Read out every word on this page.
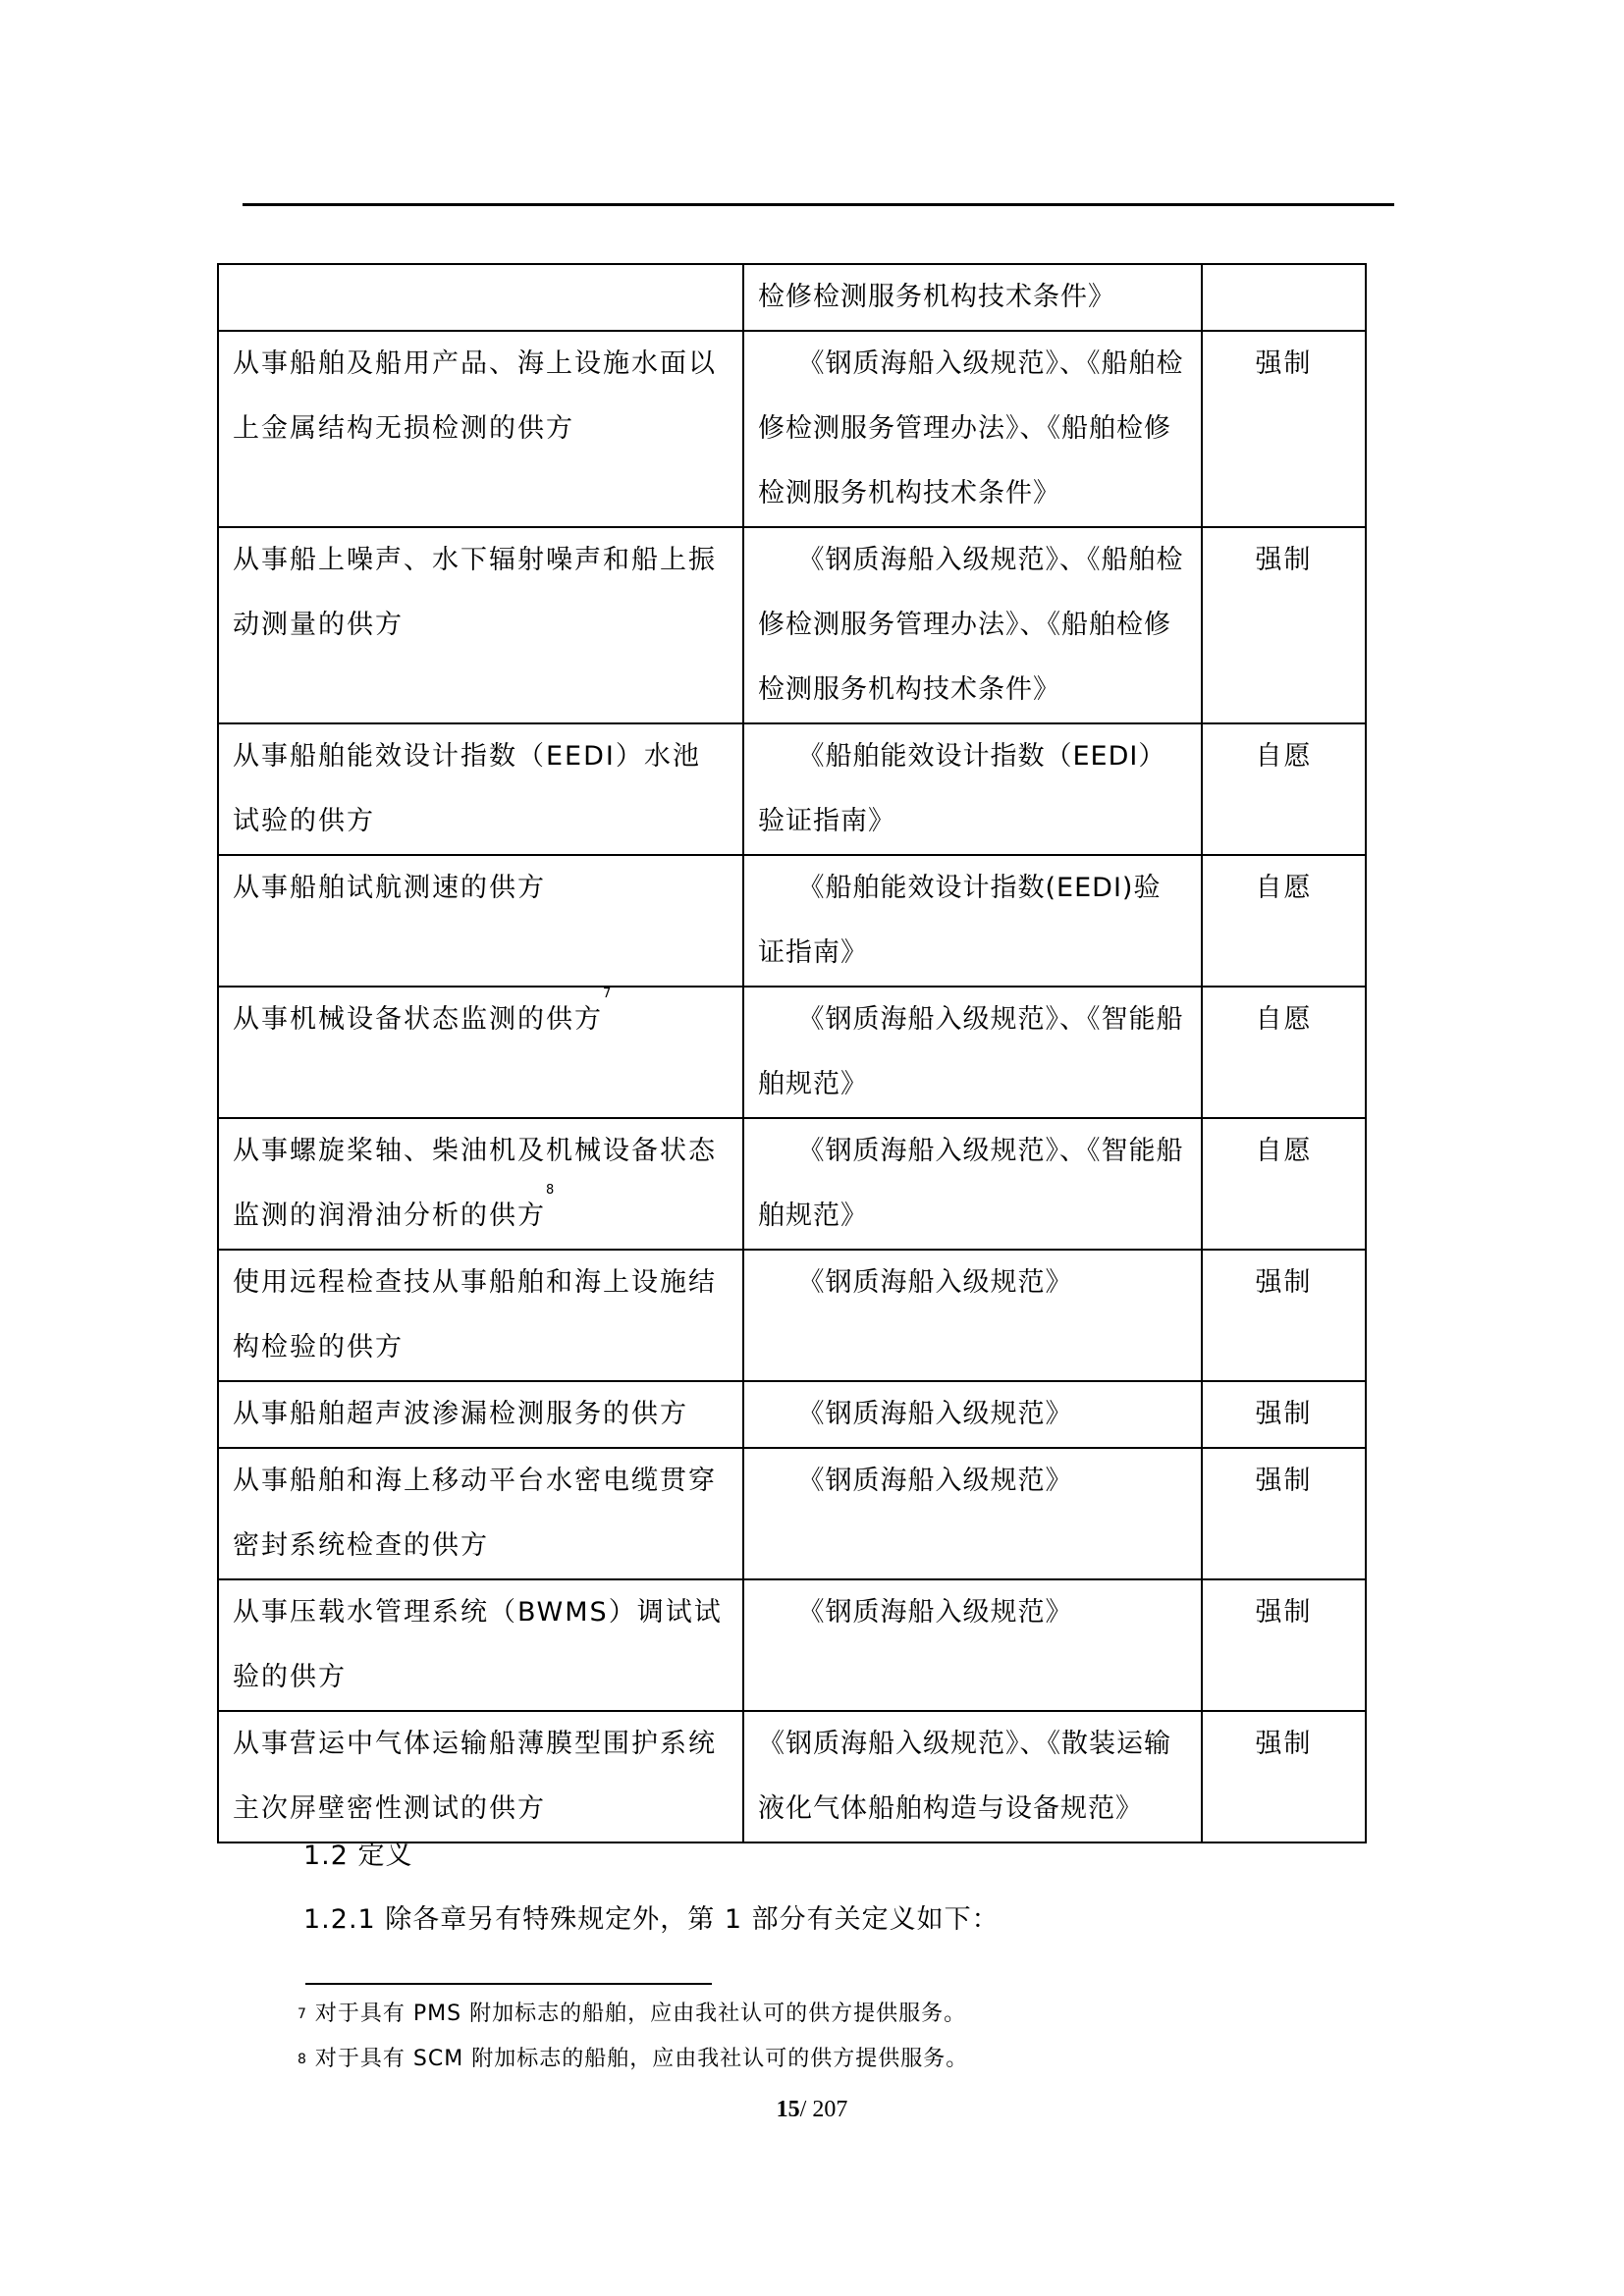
	检修检测服务机构技术条件》	
从事船舶及船用产品、海上设施水面以上金属结构无损检测的供方	《钢质海船入级规范》、《船舶检修检测服务管理办法》、《船舶检修检测服务机构技术条件》	强制
从事船上噪声、水下辐射噪声和船上振动测量的供方	《钢质海船入级规范》、《船舶检修检测服务管理办法》、《船舶检修检测服务机构技术条件》	强制
从事船舶能效设计指数（EEDI）水池试验的供方	《船舶能效设计指数（EEDI）验证指南》	自愿
从事船舶试航测速的供方	《船舶能效设计指数(EEDI)验证指南》	自愿
从事机械设备状态监测的供方$^7$	《钢质海船入级规范》、《智能船舶规范》	自愿
从事螺旋桨轴、柴油机及机械设备状态监测的润滑油分析的供方$^8$	《钢质海船入级规范》、《智能船舶规范》	自愿
使用远程检查技从事船舶和海上设施结构检验的供方	《钢质海船入级规范》	强制
从事船舶超声波渗漏检测服务的供方	《钢质海船入级规范》	强制
从事船舶和海上移动平台水密电缆贯穿密封系统检查的供方	《钢质海船入级规范》	强制
从事压载水管理系统（BWMS）调试试验的供方	《钢质海船入级规范》	强制
从事营运中气体运输船薄膜型围护系统主次屏壁密性测试的供方	《钢质海船入级规范》、《散装运输液化气体船舶构造与设备规范》	强制
1.2 定义
1.2.1 除各章另有特殊规定外，第 1 部分有关定义如下：
$^7$ 对于具有 PMS 附加标志的船舶，应由我社认可的供方提供服务。
$^8$ 对于具有 SCM 附加标志的船舶，应由我社认可的供方提供服务。
15/ 207
